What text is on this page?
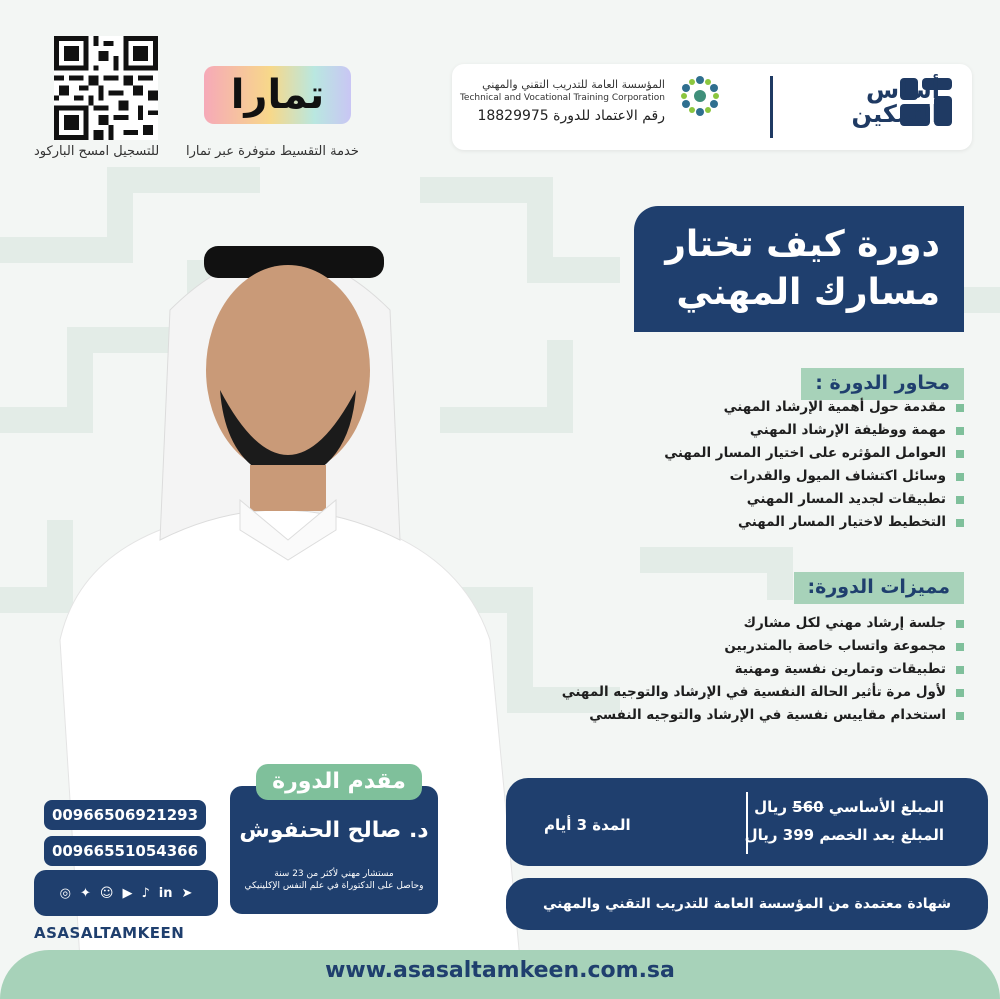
أساس
التمكين
المؤسسة العامة للتدريب التقني والمهني
Technical and Vocational Training Corporation
رقم الاعتماد للدورة 18829975
تمارا
خدمة التقسيط متوفرة عبر تمارا
للتسجيل امسح الباركود
دورة كيف تختار
مسارك المهني
محاور الدورة :
مقدمة حول أهمية الإرشاد المهني
مهمة ووظيفة الإرشاد المهني
العوامل المؤثره على اختيار المسار المهني
وسائل اكتشاف الميول والقدرات
تطبيقات لجديد المسار المهني
التخطيط لاختيار المسار المهني
مميزات الدورة:
جلسة إرشاد مهني لكل مشارك
مجموعة واتساب خاصة بالمتدربين
تطبيقات وتمارين نفسية ومهنية
لأول مرة تأثير الحالة النفسية في الإرشاد والتوجيه المهني
استخدام مقاييس نفسية في الإرشاد والتوجيه النفسي
المبلغ الأساسي 560 ريال
المبلغ بعد الخصم 399 ريال
المدة 3 أيام
شهادة معتمدة من المؤسسة العامة للتدريب التقني والمهني
مقدم الدورة
د. صالح الحنفوش
مستشار مهني لأكثر من 23 سنة
وحاصل على الدكتوراة في علم النفس الإكلينيكي
00966506921293
00966551054366
◎ ✦ ☺ ▶ ♪ in ➤
ASASALTAMKEEN
www.asasaltamkeen.com.sa
